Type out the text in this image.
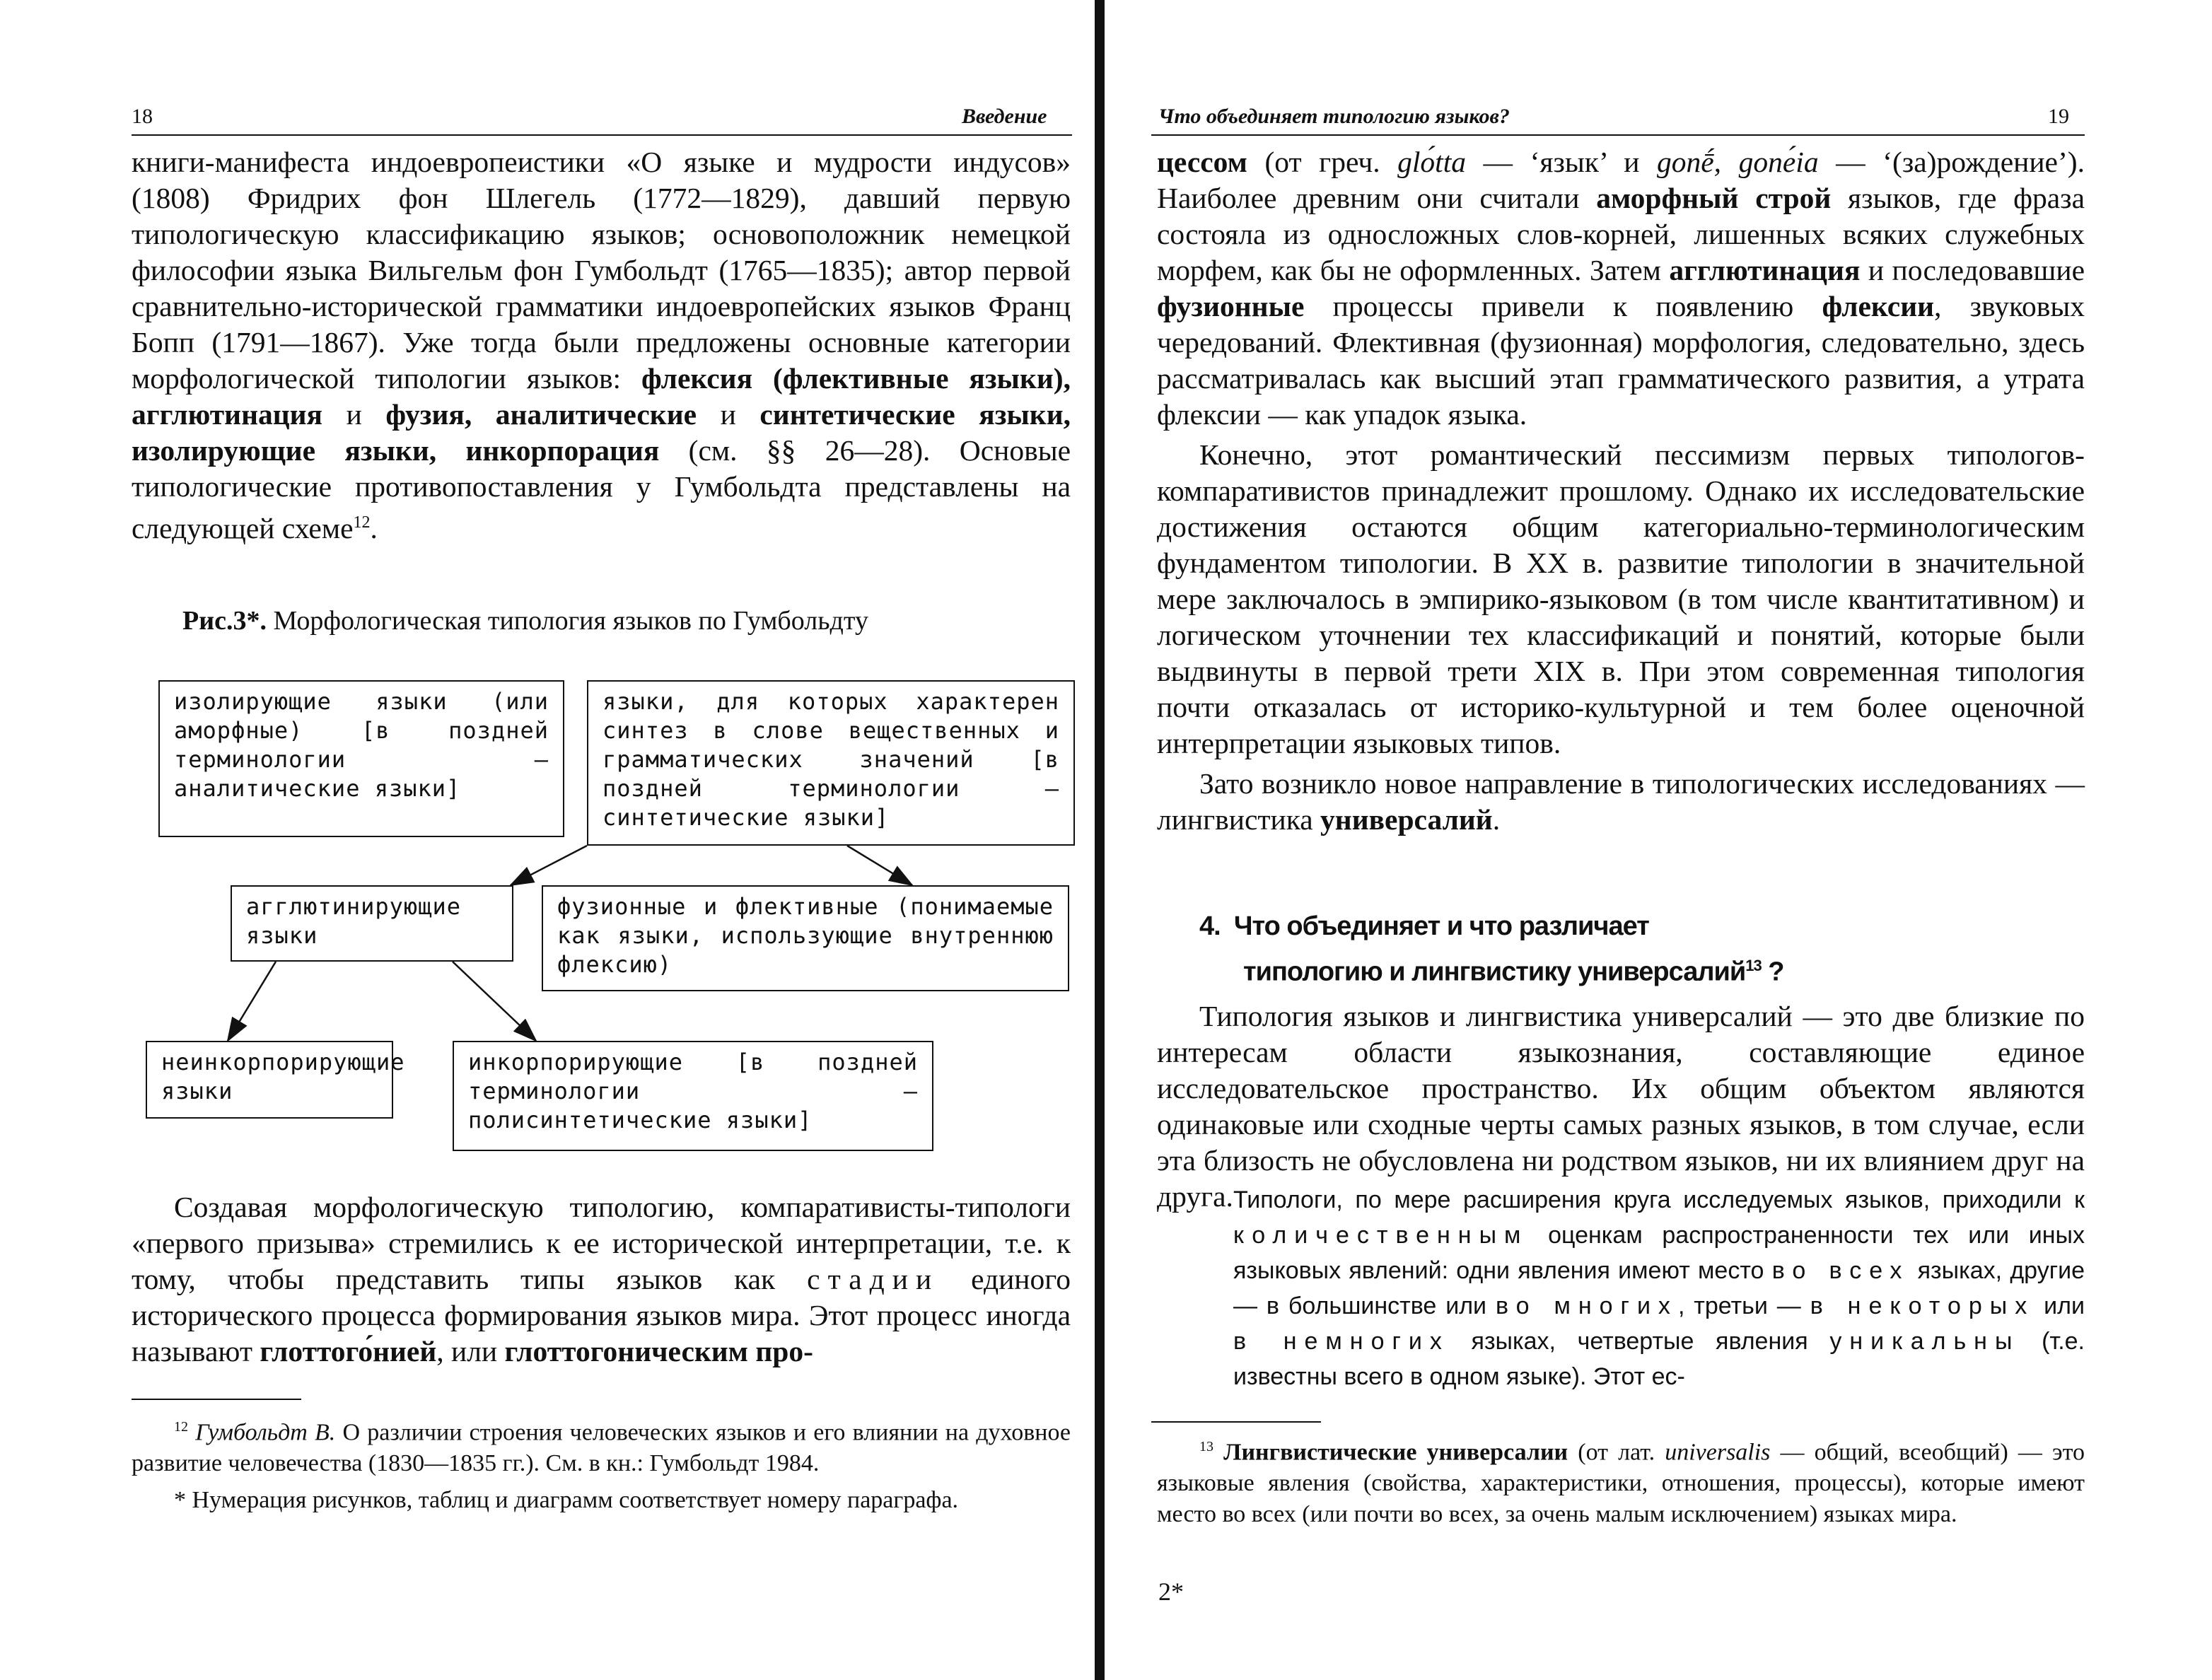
18	Введение

книги-манифеста индоевропеистики «О языке и мудрости индусов» (1808) Фридрих фон Шлегель (1772—1829), давший первую типологическую классификацию языков; основоположник немецкой философии языка Вильгельм фон Гумбольдт (1765—1835); автор первой сравнительно-исторической грамматики индоевропейских языков Франц Бопп (1791—1867). Уже тогда были предложены основные категории морфологической типологии языков: флексия (флективные языки), агглютинация и фузия, аналитические и синтетические языки, изолирующие языки, инкорпорация (см. §§ 26—28). Основые типологические противопоставления у Гумбольдта представлены на следующей схеме$^{12}$.

Рис.3*. Морфологическая типология языков по Гумбольдту
изолирующие языки (или аморфные) [в поздней терминологии — аналитические языки]
языки, для которых характерен синтез в слове вещественных и грамматических значений [в поздней терминологии — синтетические языки]
агглютинирующие языки
фузионные и флективные (понимаемые как языки, использующие внутреннюю флексию)
неинкорпорирующие языки
инкорпорирующие [в поздней терминологии — полисинтетические языки]

Создавая морфологическую типологию, компаративисты-типологи «первого призыва» стремились к ее исторической интерпретации, т.е. к тому, чтобы представить типы языков как стадии единого исторического процесса формирования языков мира. Этот процесс иногда называют глоттого́нией, или глоттогоническим про-

$^{12}$ Гумбольдт В. О различии строения человеческих языков и его влиянии на духовное развитие человечества (1830—1835 гг.). См. в кн.: Гумбольдт 1984.

* Нумерация рисунков, таблиц и диаграмм соответствует номеру параграфа.

Что объединяет типологию языков?	19

цессом (от греч. glо́tta — ‘язык’ и gonḗ, gonе́ia — ‘(за)рождение’). Наиболее древним они считали аморфный строй языков, где фраза состояла из односложных слов-корней, лишенных всяких служебных морфем, как бы не оформленных. Затем агглютинация и последовавшие фузионные процессы привели к появлению флексии, звуковых чередований. Флективная (фузионная) морфология, следовательно, здесь рассматривалась как высший этап грамматического развития, а утрата флексии — как упадок языка.

Конечно, этот романтический пессимизм первых типологов-компаративистов принадлежит прошлому. Однако их исследовательские достижения остаются общим категориально-терминологическим фундаментом типологии. В XX в. развитие типологии в значительной мере заключалось в эмпирико-языковом (в том числе квантитативном) и логическом уточнении тех классификаций и понятий, которые были выдвинуты в первой трети XIX в. При этом современная типология почти отказалась от историко-культурной и тем более оценочной интерпретации языковых типов.

Зато возникло новое направление в типологических исследованиях — лингвистика универсалий.

4. Что объединяет и что различает
типологию и лингвистику универсалий$^{13}$ ?

Типология языков и лингвистика универсалий — это две близкие по интересам области языкознания, составляющие единое исследовательское пространство. Их общим объектом являются одинаковые или сходные черты самых разных языков, в том случае, если эта близость не обусловлена ни родством языков, ни их влиянием друг на друга. Типологи, по мере расширения круга исследуемых языков, приходили к количественным оценкам распространенности тех или иных языковых явлений: одни явления имеют место во всех языках, другие — в большинстве или во многих, третьи — в некоторых или в немногих языках, четвертые явления уникальны (т.е. известны всего в одном языке). Этот ес-

$^{13}$ Лингвистические универсалии (от лат. universalis — общий, всеобщий) — это языковые явления (свойства, характеристики, отношения, процессы), которые имеют место во всех (или почти во всех, за очень малым исключением) языках мира.

2*
